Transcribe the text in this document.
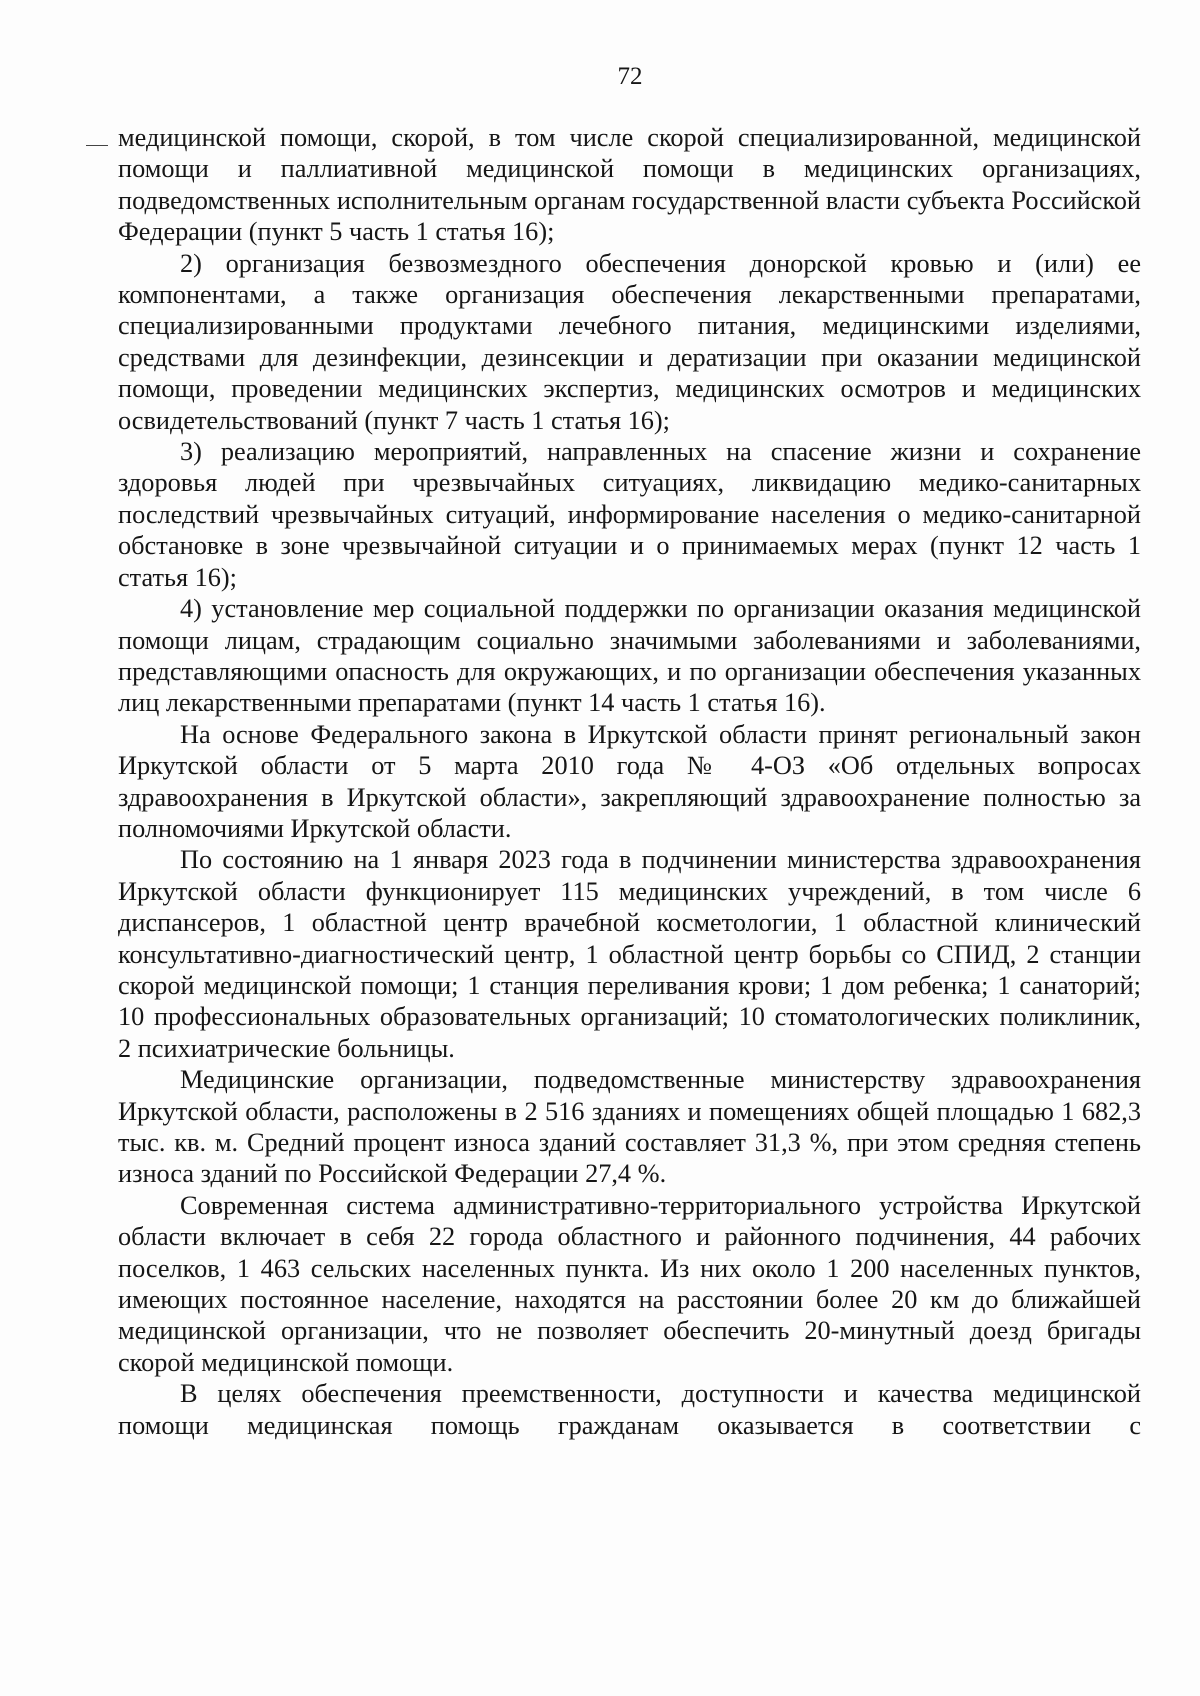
72

медицинской помощи, скорой, в том числе скорой специализированной, медицинской помощи и паллиативной медицинской помощи в медицинских организациях, подведомственных исполнительным органам государственной власти субъекта Российской Федерации (пункт 5 часть 1 статья 16);

2) организация безвозмездного обеспечения донорской кровью и (или) ее компонентами, а также организация обеспечения лекарственными препаратами, специализированными продуктами лечебного питания, медицинскими изделиями, средствами для дезинфекции, дезинсекции и дератизации при оказании медицинской помощи, проведении медицинских экспертиз, медицинских осмотров и медицинских освидетельствований (пункт 7 часть 1 статья 16);

3) реализацию мероприятий, направленных на спасение жизни и сохранение здоровья людей при чрезвычайных ситуациях, ликвидацию медико-санитарных последствий чрезвычайных ситуаций, информирование населения о медико-санитарной обстановке в зоне чрезвычайной ситуации и о принимаемых мерах (пункт 12 часть 1 статья 16);

4) установление мер социальной поддержки по организации оказания медицинской помощи лицам, страдающим социально значимыми заболеваниями и заболеваниями, представляющими опасность для окружающих, и по организации обеспечения указанных лиц лекарственными препаратами (пункт 14 часть 1 статья 16).

На основе Федерального закона в Иркутской области принят региональный закон Иркутской области от 5 марта 2010 года № 4-ОЗ «Об отдельных вопросах здравоохранения в Иркутской области», закрепляющий здравоохранение полностью за полномочиями Иркутской области.

По состоянию на 1 января 2023 года в подчинении министерства здравоохранения Иркутской области функционирует 115 медицинских учреждений, в том числе 6 диспансеров, 1 областной центр врачебной косметологии, 1 областной клинический консультативно-диагностический центр, 1 областной центр борьбы со СПИД, 2 станции скорой медицинской помощи; 1 станция переливания крови; 1 дом ребенка; 1 санаторий; 10 профессиональных образовательных организаций; 10 стоматологических поликлиник, 2 психиатрические больницы.

Медицинские организации, подведомственные министерству здравоохранения Иркутской области, расположены в 2 516 зданиях и помещениях общей площадью 1 682,3 тыс. кв. м. Средний процент износа зданий составляет 31,3 %, при этом средняя степень износа зданий по Российской Федерации 27,4 %.

Современная система административно-территориального устройства Иркутской области включает в себя 22 города областного и районного подчинения, 44 рабочих поселков, 1 463 сельских населенных пункта. Из них около 1 200 населенных пунктов, имеющих постоянное население, находятся на расстоянии более 20 км до ближайшей медицинской организации, что не позволяет обеспечить 20-минутный доезд бригады скорой медицинской помощи.

В целях обеспечения преемственности, доступности и качества медицинской помощи медицинская помощь гражданам оказывается в соответствии с
